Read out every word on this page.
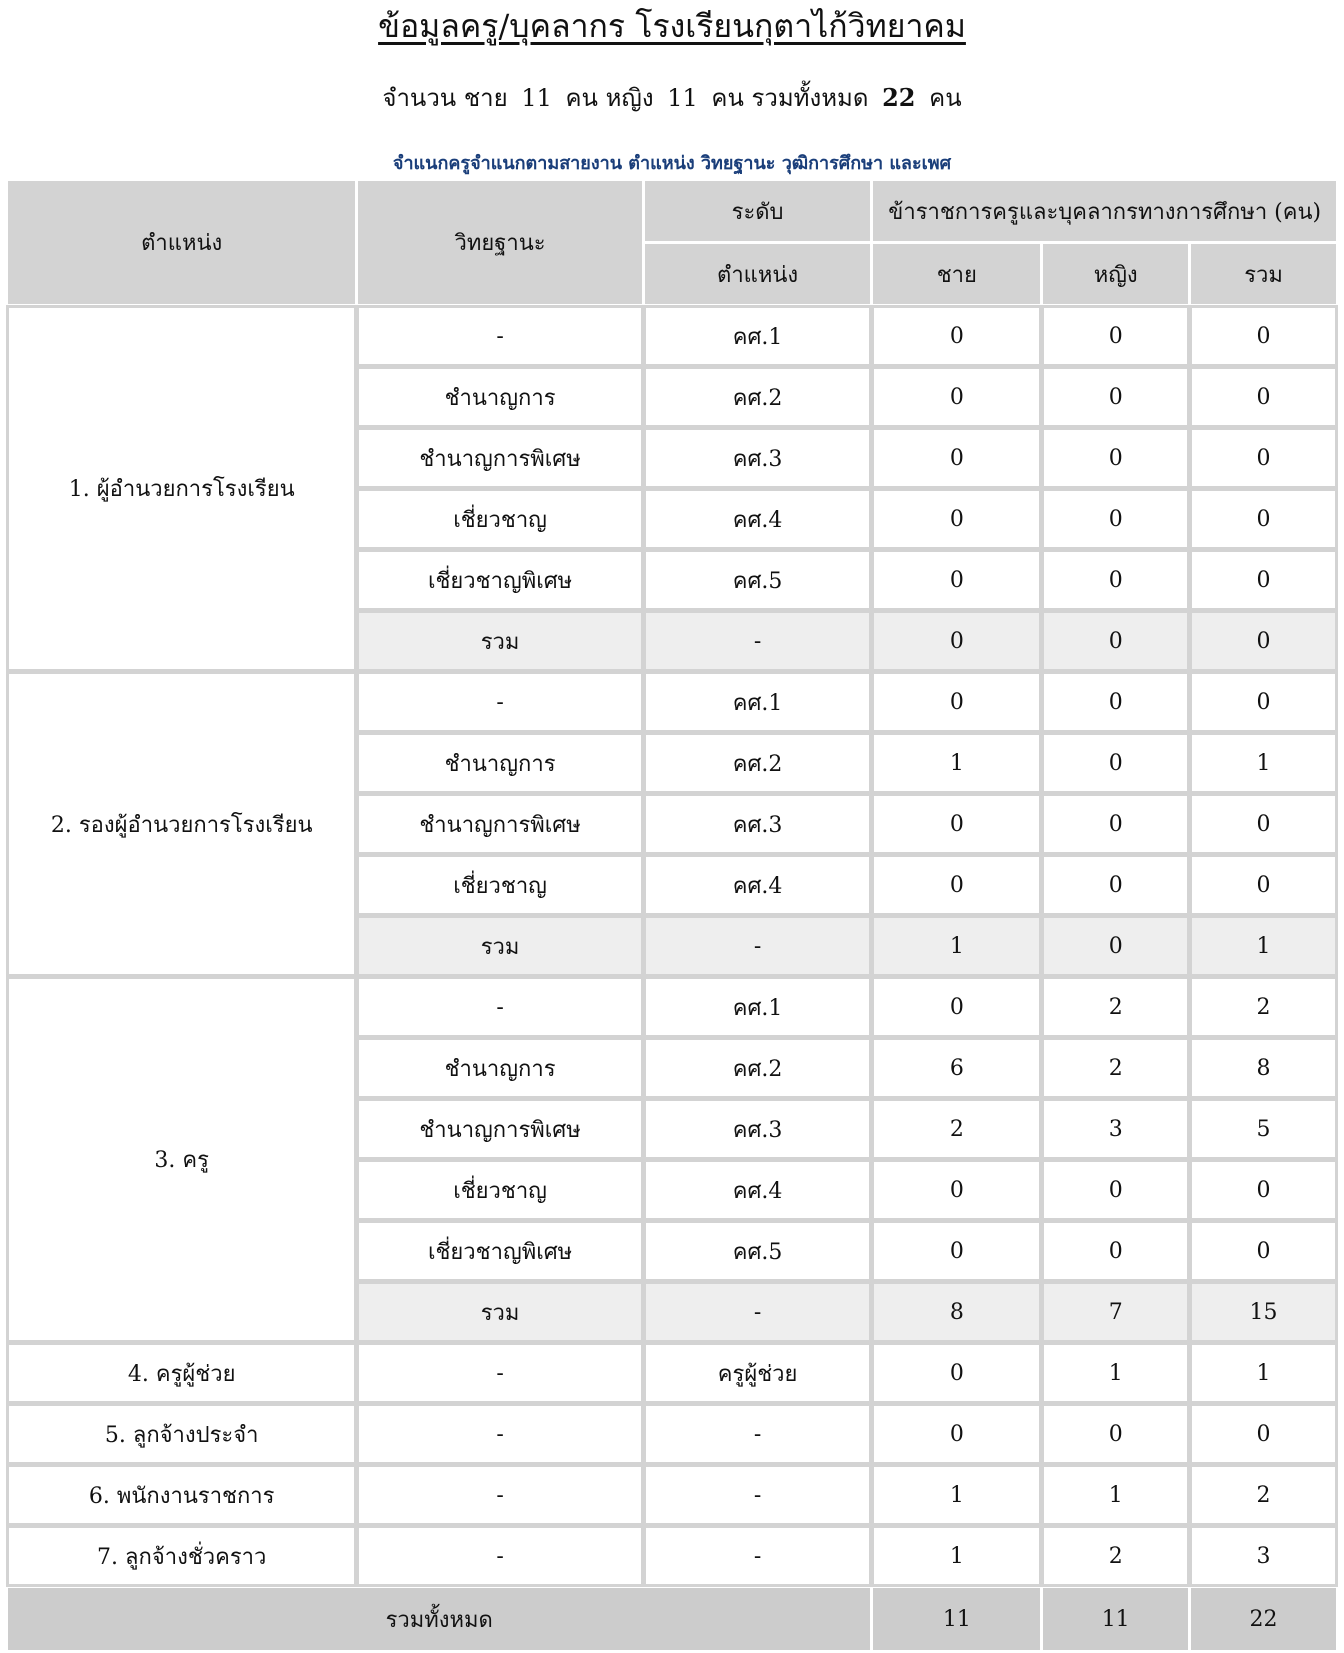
ข้อมูลครู/บุคลากร โรงเรียนกุตาไก้วิทยาคม
จำนวน ชาย 11 คน หญิง 11 คน รวมทั้งหมด 22 คน
จำแนกครูจำแนกตามสายงาน ตำแหน่ง วิทยฐานะ วุฒิการศึกษา และเพศ
ตำแหน่ง	วิทยฐานะ	ระดับ	ข้าราชการครูและบุคลากรทางการศึกษา (คน)		
		ตำแหน่ง	ชาย	หญิง	รวม
1. ผู้อำนวยการโรงเรียน	-	คศ.1	0	0	0
	ชำนาญการ	คศ.2	0	0	0
	ชำนาญการพิเศษ	คศ.3	0	0	0
	เชี่ยวชาญ	คศ.4	0	0	0
	เชี่ยวชาญพิเศษ	คศ.5	0	0	0
	รวม	-	0	0	0
2. รองผู้อำนวยการโรงเรียน	-	คศ.1	0	0	0
	ชำนาญการ	คศ.2	1	0	1
	ชำนาญการพิเศษ	คศ.3	0	0	0
	เชี่ยวชาญ	คศ.4	0	0	0
	รวม	-	1	0	1
3. ครู	-	คศ.1	0	2	2
	ชำนาญการ	คศ.2	6	2	8
	ชำนาญการพิเศษ	คศ.3	2	3	5
	เชี่ยวชาญ	คศ.4	0	0	0
	เชี่ยวชาญพิเศษ	คศ.5	0	0	0
	รวม	-	8	7	15
4. ครูผู้ช่วย	-	ครูผู้ช่วย	0	1	1
5. ลูกจ้างประจำ	-	-	0	0	0
6. พนักงานราชการ	-	-	1	1	2
7. ลูกจ้างชั่วคราว	-	-	1	2	3
รวมทั้งหมด			11	11	22
